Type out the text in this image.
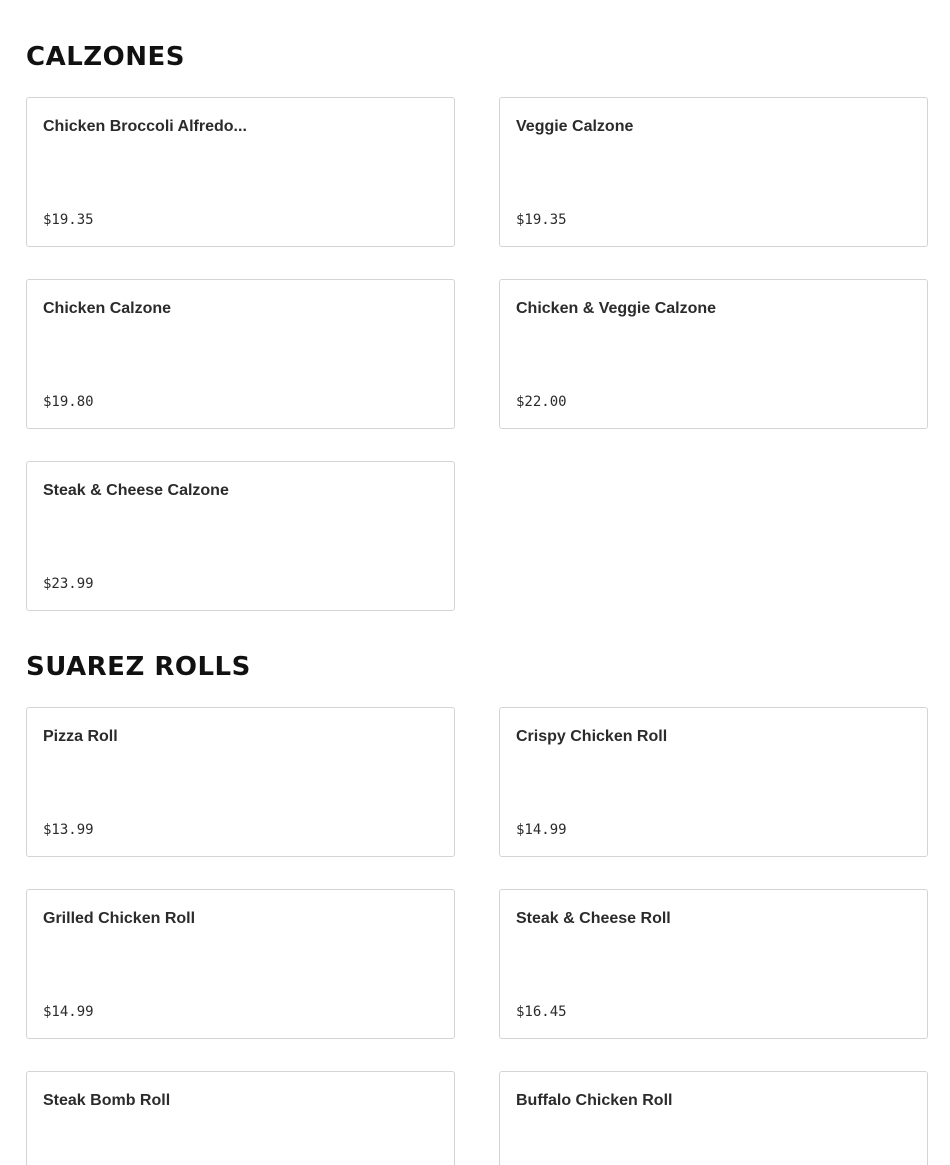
CALZONES

Chicken Broccoli Alfredo...

$19.35

Veggie Calzone

$19.35

Chicken Calzone

$19.80

Chicken & Veggie Calzone

$22.00

Steak & Cheese Calzone

$23.99
SUAREZ ROLLS

Pizza Roll

$13.99

Crispy Chicken Roll

$14.99

Grilled Chicken Roll

$14.99

Steak & Cheese Roll

$16.45

Steak Bomb Roll	Buffalo Chicken Roll
